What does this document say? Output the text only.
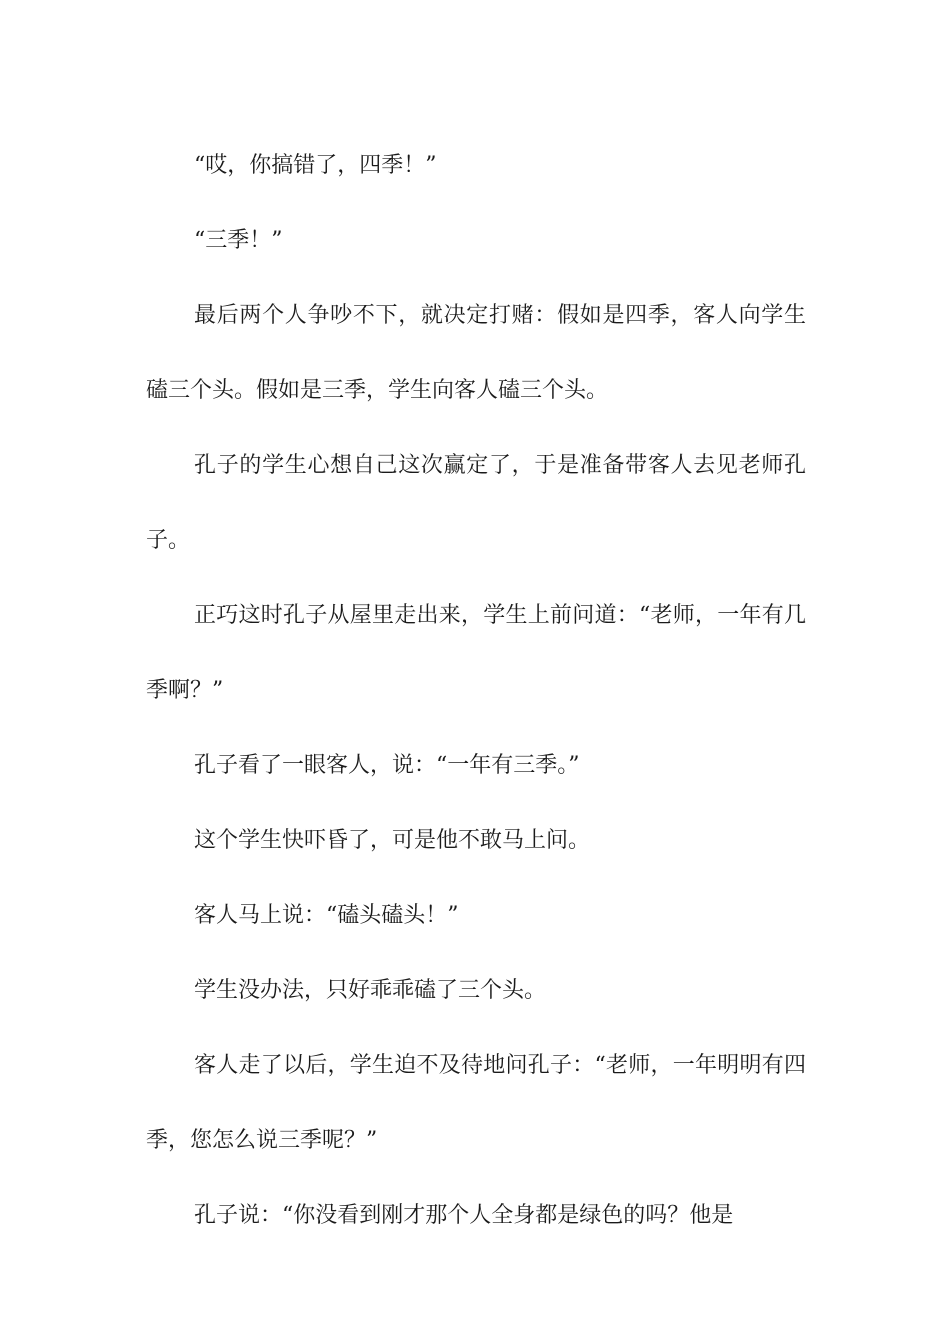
“哎，你搞错了，四季！”

“三季！”

最后两个人争吵不下，就决定打赌：假如是四季，客人向学生磕三个头。假如是三季，学生向客人磕三个头。

孔子的学生心想自己这次赢定了，于是准备带客人去见老师孔子。

正巧这时孔子从屋里走出来，学生上前问道：“老师，一年有几季啊？”

孔子看了一眼客人，说：“一年有三季。”

这个学生快吓昏了，可是他不敢马上问。

客人马上说：“磕头磕头！”

学生没办法，只好乖乖磕了三个头。

客人走了以后，学生迫不及待地问孔子：“老师，一年明明有四季，您怎么说三季呢？”

孔子说：“你没看到刚才那个人全身都是绿色的吗？他是
